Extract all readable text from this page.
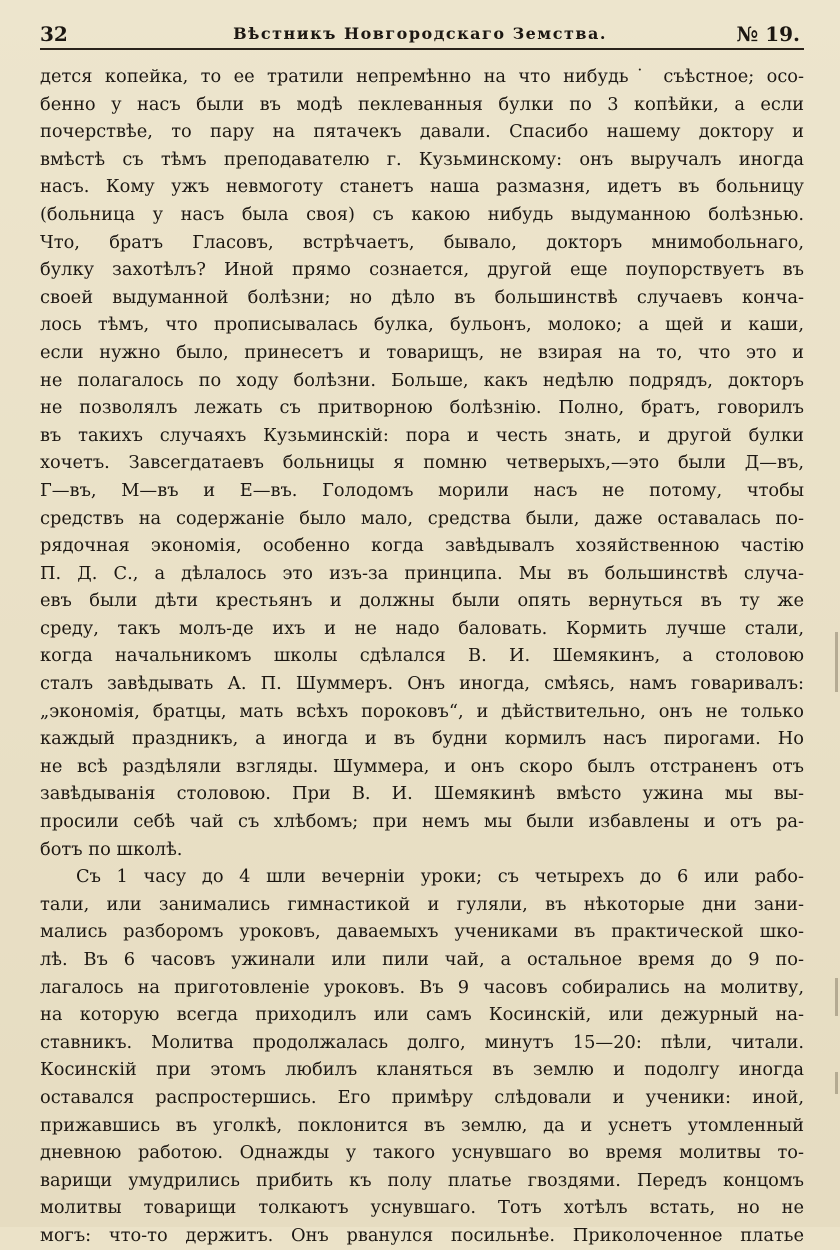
32	Вѣстникъ Новгородскаго Земства.	№ 19.
дется копейка, то ее тратили непремѣнно на что нибудь˙ съѣстное; осо-
бенно у насъ были въ модѣ пеклеванныя булки по 3 копѣйки, а если
почерствѣе, то пару на пятачекъ давали. Спасибо нашему доктору и
вмѣстѣ съ тѣмъ преподавателю г. Кузьминскому: онъ выручалъ иногда
насъ. Кому ужъ невмоготу станетъ наша размазня, идетъ въ больницу
(больница у насъ была своя) съ какою нибудь выдуманною болѣзнью.
Что, братъ Гласовъ, встрѣчаетъ, бывало, докторъ мнимобольнаго,
булку захотѣлъ? Иной прямо сознается, другой еще поупорствуетъ въ
своей выдуманной болѣзни; но дѣло въ большинствѣ случаевъ конча-
лось тѣмъ, что прописывалась булка, бульонъ, молоко; а щей и каши,
если нужно было, принесетъ и товарищъ, не взирая на то, что это и
не полагалось по ходу болѣзни. Больше, какъ недѣлю подрядъ, докторъ
не позволялъ лежать съ притворною болѣзнію. Полно, братъ, говорилъ
въ такихъ случаяхъ Кузьминскій: пора и честь знать, и другой булки
хочетъ. Завсегдатаевъ больницы я помню четверыхъ,—это были Д—въ,
Г—въ, М—въ и Е—въ. Голодомъ морили насъ не потому, чтобы
средствъ на содержаніе было мало, средства были, даже оставалась по-
рядочная экономія, особенно когда завѣдывалъ хозяйственною частію
П. Д. С., а дѣлалось это изъ-за принципа. Мы въ большинствѣ случа-
евъ были дѣти крестьянъ и должны были опять вернуться въ ту же
среду, такъ молъ-де ихъ и не надо баловать. Кормить лучше стали,
когда начальникомъ школы сдѣлался В. И. Шемякинъ, а столовою
сталъ завѣдывать А. П. Шуммеръ. Онъ иногда, смѣясь, намъ говаривалъ:
„экономія, братцы, мать всѣхъ пороковъ“, и дѣйствительно, онъ не только
каждый праздникъ, а иногда и въ будни кормилъ насъ пирогами. Но
не всѣ раздѣляли взгляды. Шуммера, и онъ скоро былъ отстраненъ отъ
завѣдыванія столовою. При В. И. Шемякинѣ вмѣсто ужина мы вы-
просили себѣ чай съ хлѣбомъ; при немъ мы были избавлены и отъ ра-
ботъ по школѣ.
Съ 1 часу до 4 шли вечерніи уроки; съ четырехъ до 6 или рабо-
тали, или занимались гимнастикой и гуляли, въ нѣкоторые дни зани-
мались разборомъ уроковъ, даваемыхъ учениками въ практической шко-
лѣ. Въ 6 часовъ ужинали или пили чай, а остальное время до 9 по-
лагалось на приготовленіе уроковъ. Въ 9 часовъ собирались на молитву,
на которую всегда приходилъ или самъ Косинскій, или дежурный на-
ставникъ. Молитва продолжалась долго, минутъ 15—20: пѣли, читали.
Косинскій при этомъ любилъ кланяться въ землю и подолгу иногда
оставался распростершись. Его примѣру слѣдовали и ученики: иной,
прижавшись въ уголкѣ, поклонится въ землю, да и уснетъ утомленный
дневною работою. Однажды у такого уснувшаго во время молитвы то-
варищи умудрились прибить къ полу платье гвоздями. Передъ концомъ
молитвы товарищи толкаютъ уснувшаго. Тотъ хотѣлъ встать, но не
могъ: что-то держитъ. Онъ рванулся посильнѣе. Приколоченное платье
